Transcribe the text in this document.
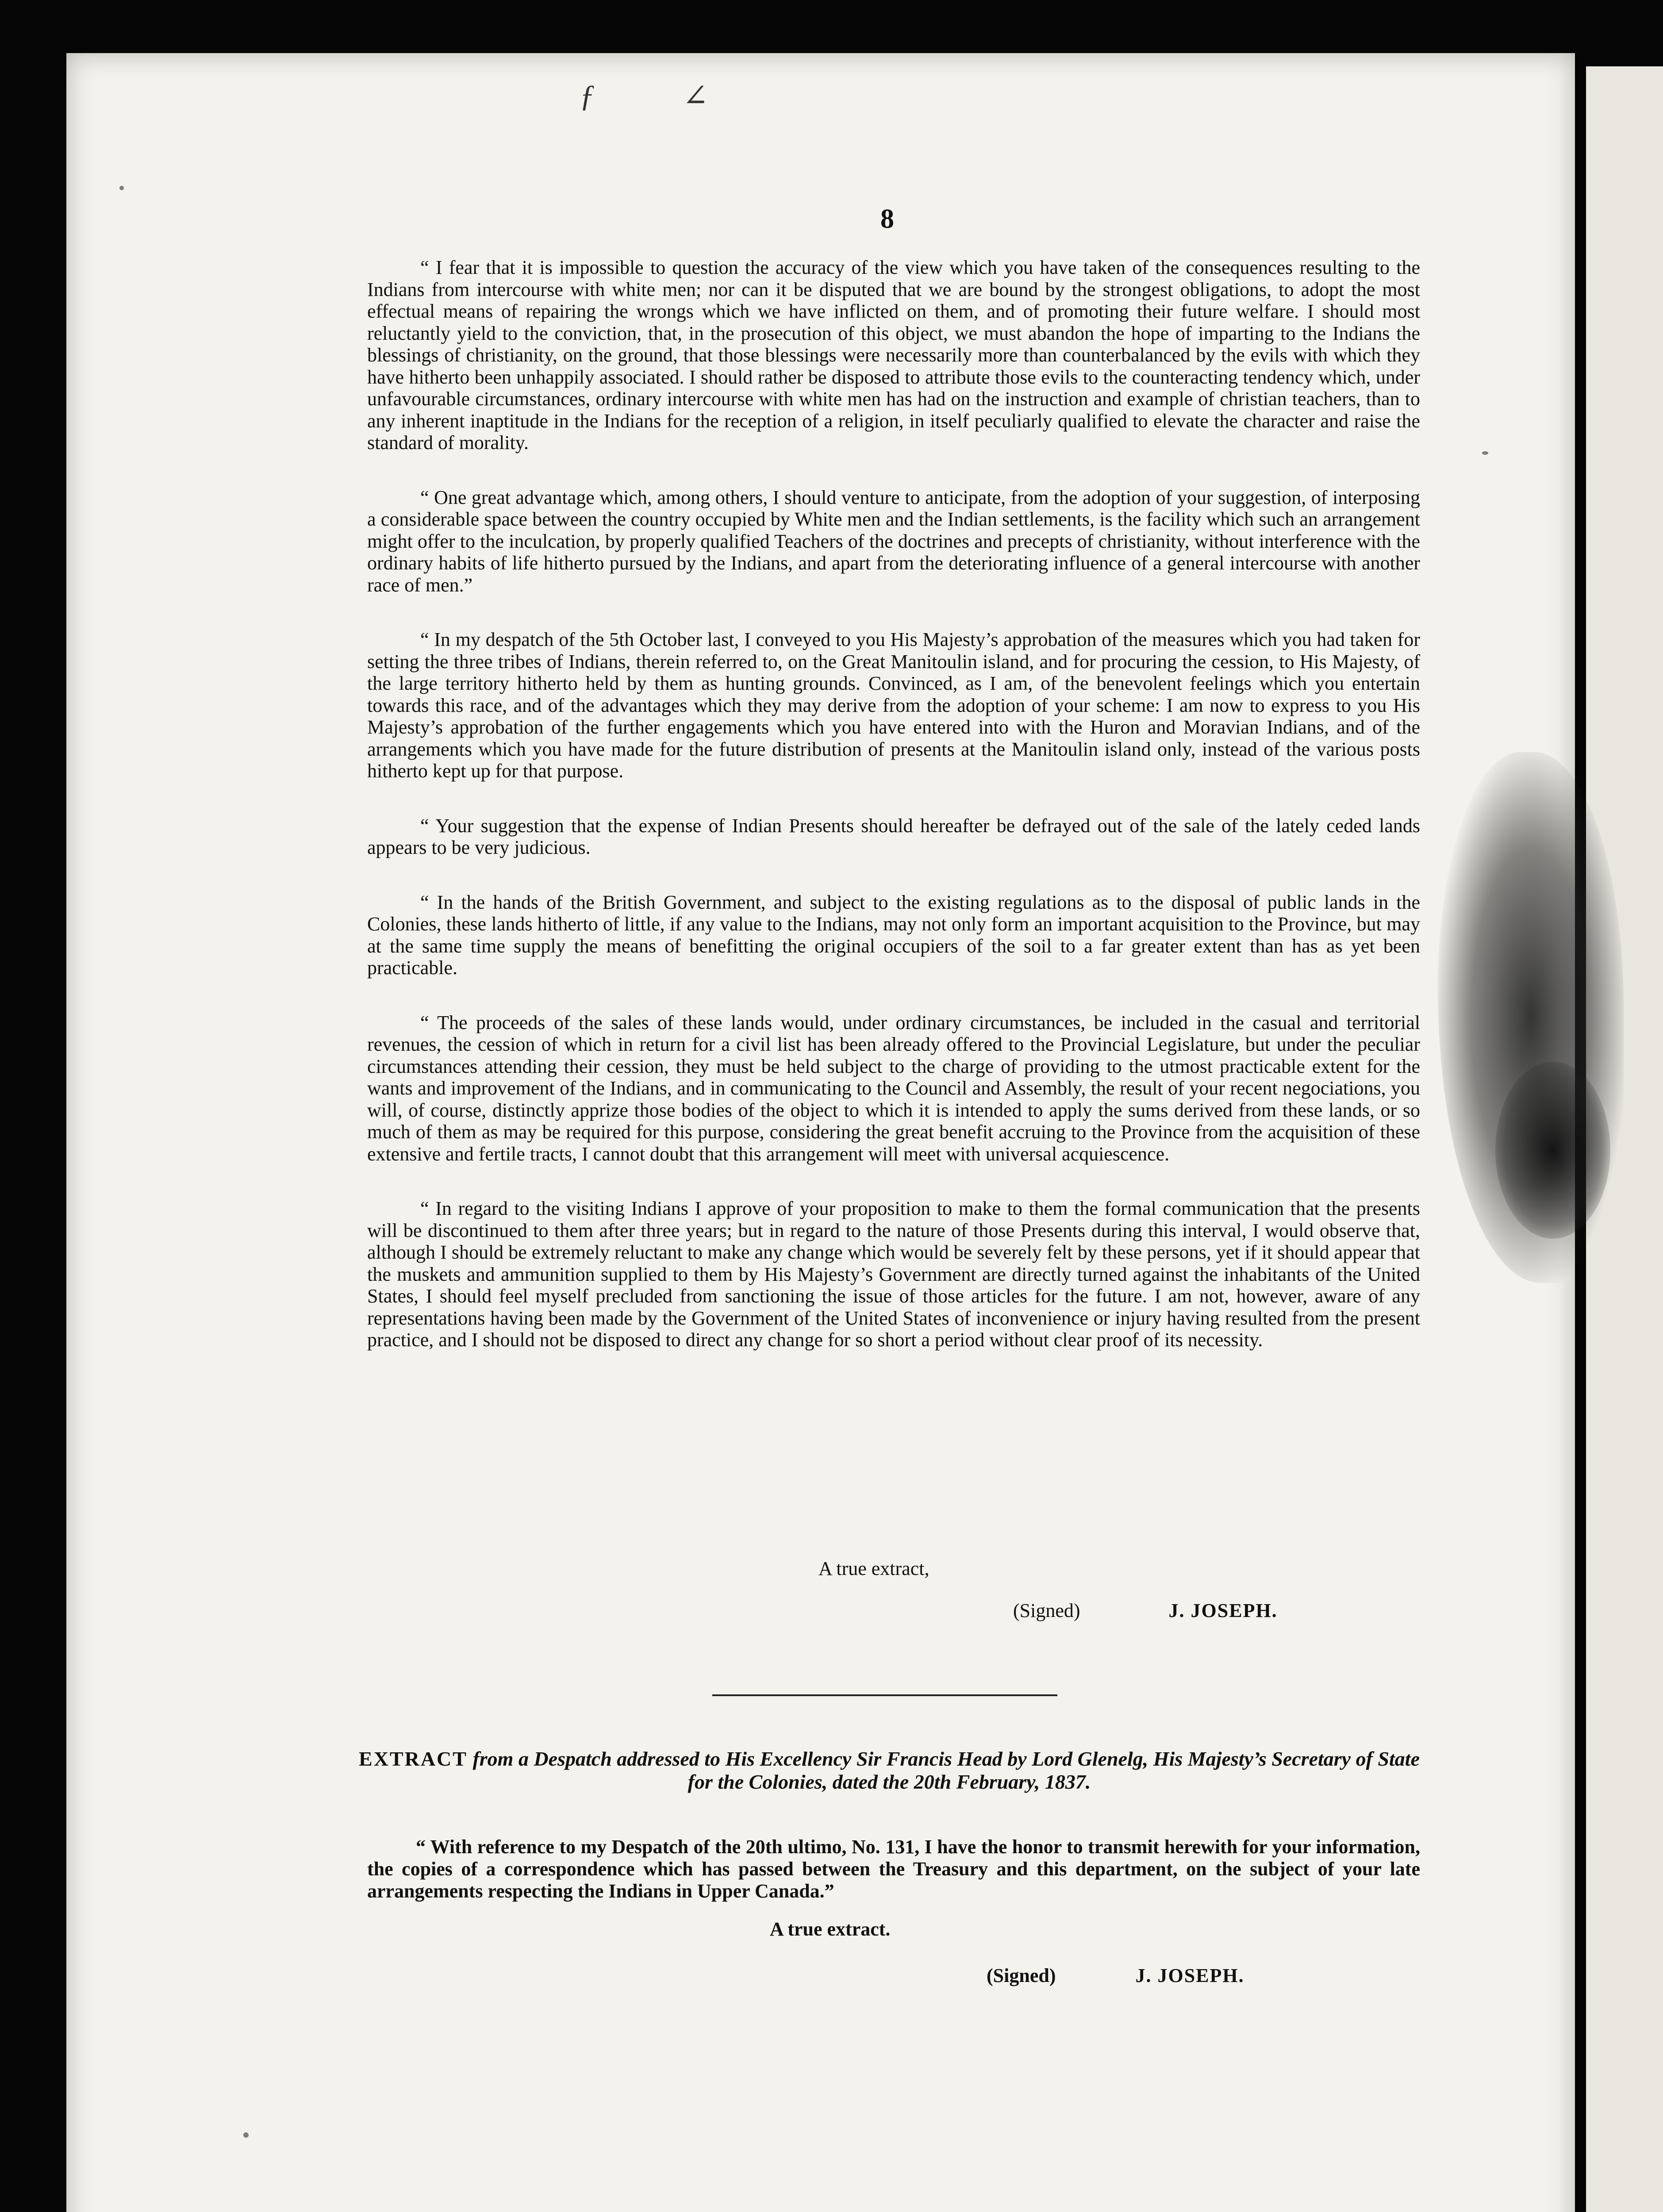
ƒ ∠
8

“ I fear that it is impossible to question the accuracy of the view which you have taken of the consequences resulting to the Indians from intercourse with white men; nor can it be disputed that we are bound by the strongest obligations, to adopt the most effectual means of repairing the wrongs which we have inflicted on them, and of promoting their future welfare. I should most reluctantly yield to the conviction, that, in the prosecution of this object, we must abandon the hope of imparting to the Indians the blessings of christianity, on the ground, that those blessings were necessarily more than counterbalanced by the evils with which they have hitherto been unhappily associated. I should rather be disposed to attribute those evils to the counteracting tendency which, under unfavourable circumstances, ordinary intercourse with white men has had on the instruction and example of christian teachers, than to any inherent inaptitude in the Indians for the reception of a religion, in itself peculiarly qualified to elevate the character and raise the standard of morality.

“ One great advantage which, among others, I should venture to anticipate, from the adoption of your suggestion, of interposing a considerable space between the country occupied by White men and the Indian settlements, is the facility which such an arrangement might offer to the inculcation, by properly qualified Teachers of the doctrines and precepts of christianity, without interference with the ordinary habits of life hitherto pursued by the Indians, and apart from the deteriorating influence of a general intercourse with another race of men.”

“ In my despatch of the 5th October last, I conveyed to you His Majesty’s approbation of the measures which you had taken for setting the three tribes of Indians, therein referred to, on the Great Manitoulin island, and for procuring the cession, to His Majesty, of the large territory hitherto held by them as hunting grounds. Convinced, as I am, of the benevolent feelings which you entertain towards this race, and of the advantages which they may derive from the adoption of your scheme: I am now to express to you His Majesty’s approbation of the further engagements which you have entered into with the Huron and Moravian Indians, and of the arrangements which you have made for the future distribution of presents at the Manitoulin island only, instead of the various posts hitherto kept up for that purpose.

“ Your suggestion that the expense of Indian Presents should hereafter be defrayed out of the sale of the lately ceded lands appears to be very judicious.

“ In the hands of the British Government, and subject to the existing regulations as to the disposal of public lands in the Colonies, these lands hitherto of little, if any value to the Indians, may not only form an important acquisition to the Province, but may at the same time supply the means of benefitting the original occupiers of the soil to a far greater extent than has as yet been practicable.

“ The proceeds of the sales of these lands would, under ordinary circumstances, be included in the casual and territorial revenues, the cession of which in return for a civil list has been already offered to the Provincial Legislature, but under the peculiar circumstances attending their cession, they must be held subject to the charge of providing to the utmost practicable extent for the wants and improvement of the Indians, and in communicating to the Council and Assembly, the result of your recent negociations, you will, of course, distinctly apprize those bodies of the object to which it is intended to apply the sums derived from these lands, or so much of them as may be required for this purpose, considering the great benefit accruing to the Province from the acquisition of these extensive and fertile tracts, I cannot doubt that this arrangement will meet with universal acquiescence.

“ In regard to the visiting Indians I approve of your proposition to make to them the formal communication that the presents will be discontinued to them after three years; but in regard to the nature of those Presents during this interval, I would observe that, although I should be extremely reluctant to make any change which would be severely felt by these persons, yet if it should appear that the muskets and ammunition supplied to them by His Majesty’s Government are directly turned against the inhabitants of the United States, I should feel myself precluded from sanctioning the issue of those articles for the future. I am not, however, aware of any representations having been made by the Government of the United States of inconvenience or injury having resulted from the present practice, and I should not be disposed to direct any change for so short a period without clear proof of its necessity.

A true extract,
(Signed)	J. JOSEPH.
EXTRACT from a Despatch addressed to His Excellency Sir Francis Head by Lord Glenelg, His Majesty’s Secretary of State for the Colonies, dated the 20th February, 1837.
“ With reference to my Despatch of the 20th ultimo, No. 131, I have the honor to transmit herewith for your information, the copies of a correspondence which has passed between the Treasury and this department, on the subject of your late arrangements respecting the Indians in Upper Canada.”
A true extract.
(Signed)	J. JOSEPH.
